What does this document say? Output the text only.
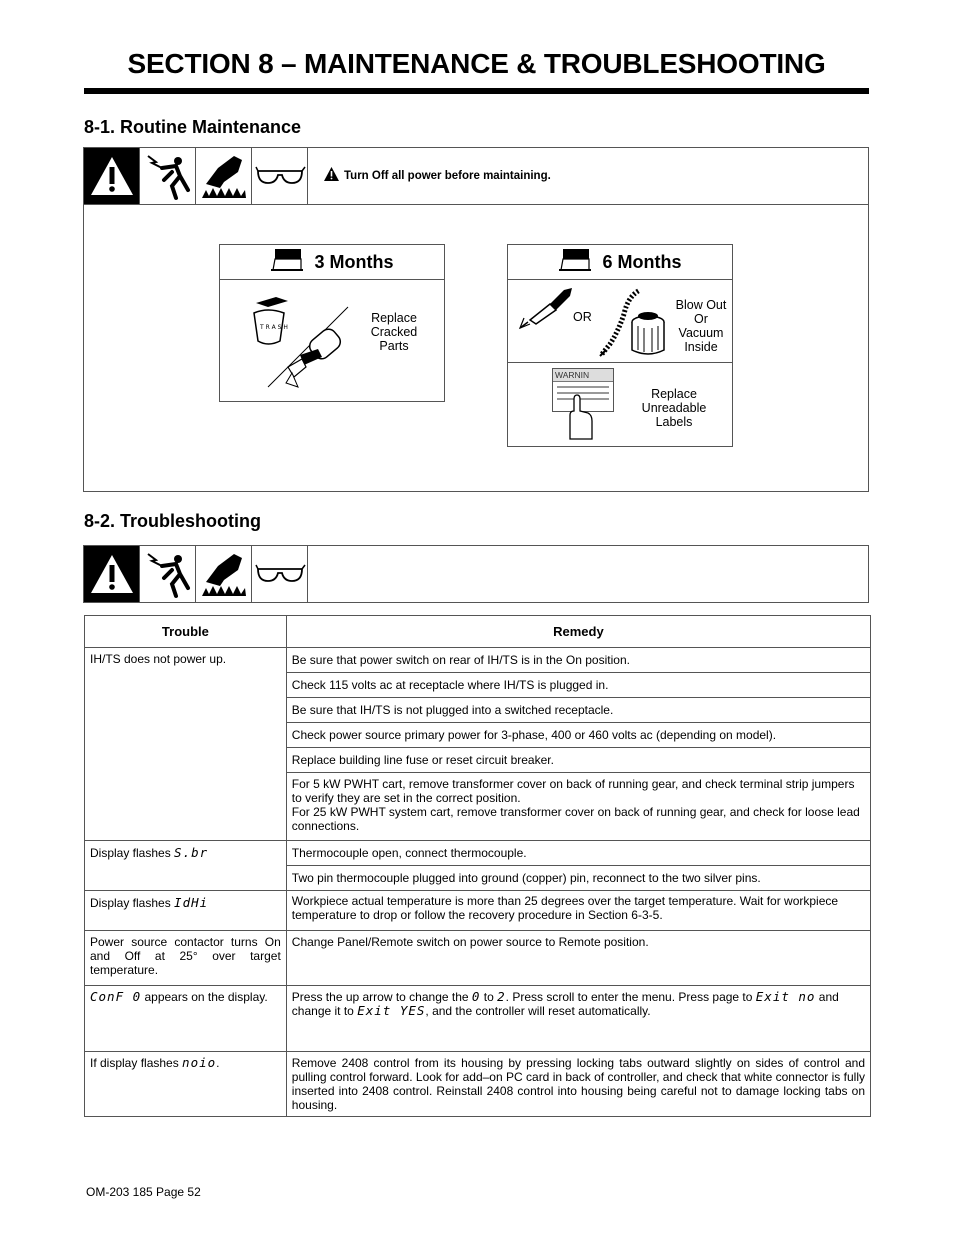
SECTION 8 – MAINTENANCE & TROUBLESHOOTING
8-1. Routine Maintenance
Turn Off all power before maintaining.
3 Months
T R A S H
Replace
Cracked
Parts
6 Months
OR
Blow Out
Or
Vacuum
Inside
WARNIN
Replace
Unreadable
Labels
8-2. Troubleshooting
Trouble	Remedy
IH/TS does not power up.	Be sure that power switch on rear of IH/TS is in the On position.
	Check 115 volts ac at receptacle where IH/TS is plugged in.
	Be sure that IH/TS is not plugged into a switched receptacle.
	Check power source primary power for 3-phase, 400 or 460 volts ac (depending on model).
	Replace building line fuse or reset circuit breaker.
	For 5 kW PWHT cart, remove transformer cover on back of running gear, and check terminal strip jumpers to verify they are set in the correct position.
For 25 kW PWHT system cart, remove transformer cover on back of running gear, and check for loose lead connections.
Display flashes S.br	Thermocouple open, connect thermocouple.
	Two pin thermocouple plugged into ground (copper) pin, reconnect to the two silver pins.
Display flashes IdHi	Workpiece actual temperature is more than 25 degrees over the target temperature. Wait for workpiece temperature to drop or follow the recovery procedure in Section 6-3-5.
Power source contactor turns On and Off at 25° over target temperature.	Change Panel/Remote switch on power source to Remote position.
ConF 0 appears on the display.	Press the up arrow to change the 0 to 2. Press scroll to enter the menu. Press page to Exit no and change it to Exit YES, and the controller will reset automatically.
If display flashes noio.	Remove 2408 control from its housing by pressing locking tabs outward slightly on sides of control and pulling control forward. Look for add–on PC card in back of controller, and check that white connector is fully inserted into 2408 control. Reinstall 2408 control into housing being careful not to damage locking tabs on housing.
OM-203 185 Page 52
